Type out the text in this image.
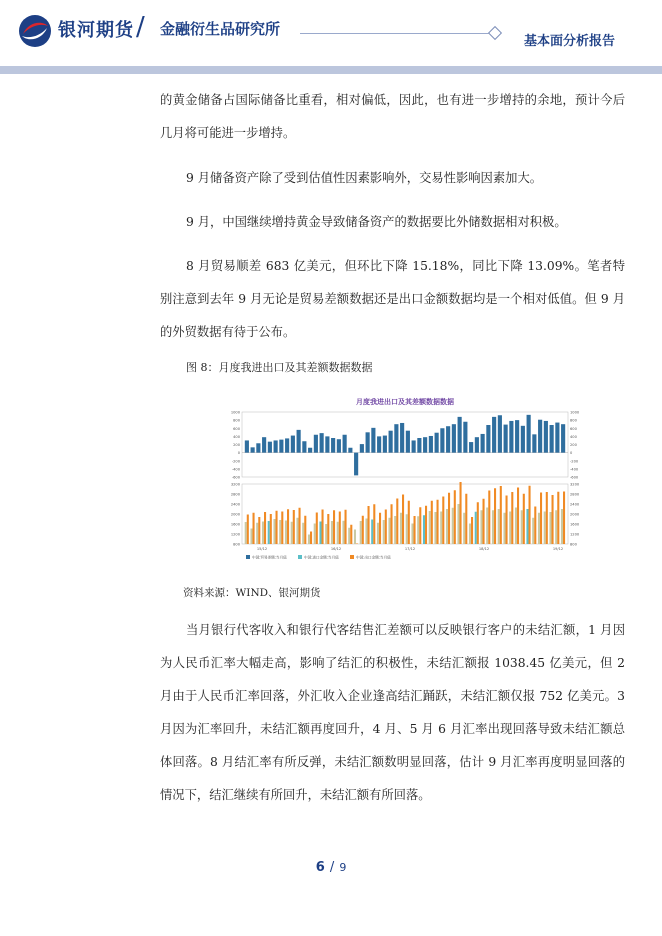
银河期货 / 金融衍生品研究所
基本面分析报告

的黄金储备占国际储备比重看，相对偏低，因此，也有进一步增持的余地，预计今后几月将可能进一步增持。

9 月储备资产除了受到估值性因素影响外，交易性影响因素加大。

9 月，中国继续增持黄金导致储备资产的数据要比外储数据相对积极。

8 月贸易顺差 683 亿美元，但环比下降 15.18%，同比下降 13.09%。笔者特别注意到去年 9 月无论是贸易差额数据还是出口金额数据均是一个相对低值。但 9 月的外贸数据有待于公布。

图 8：月度我进出口及其差额数据数据
月度我进出口及其差额数据数据
1000	1000
800	800
600	600
400	400
200	200
0	0
-200	-200
-400	-400
-600	-600
3200	3200
2800	2800
2400	2400
2000	2000
1600	1600
1200	1200
800	800
15/12	16/12	17/12	18/12	19/12
中国:贸易差额:当月值	中国:进口金额:当月值	中国:出口金额:当月值
资料来源：WIND、银河期货

当月银行代客收入和银行代客结售汇差额可以反映银行客户的未结汇额，1 月因为人民币汇率大幅走高，影响了结汇的积极性，未结汇额报 1038.45 亿美元，但 2 月由于人民币汇率回落，外汇收入企业逢高结汇踊跃，未结汇额仅报 752 亿美元。3 月因为汇率回升，未结汇额再度回升，4 月、5 月 6 月汇率出现回落导致未结汇额总体回落。8 月结汇率有所反弹，未结汇额数明显回落，估计 9 月汇率再度明显回落的情况下，结汇继续有所回升，未结汇额有所回落。

6 / 9
